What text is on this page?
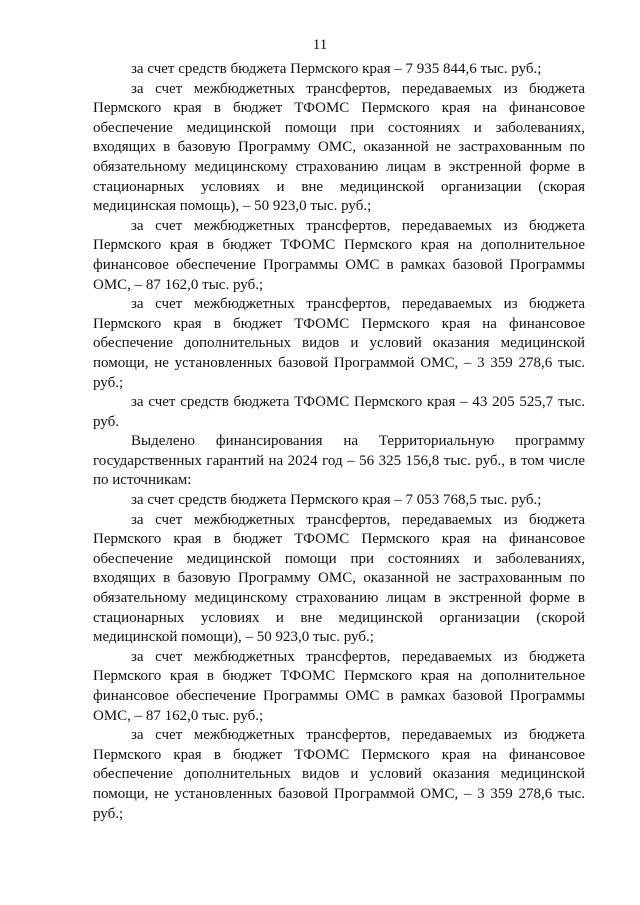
11

за счет средств бюджета Пермского края – 7 935 844,6 тыс. руб.;

за счет межбюджетных трансфертов, передаваемых из бюджета Пермского края в бюджет ТФОМС Пермского края на финансовое обеспечение медицинской помощи при состояниях и заболеваниях, входящих в базовую Программу ОМС, оказанной не застрахованным по обязательному медицинскому страхованию лицам в экстренной форме в стационарных условиях и вне медицинской организации (скорая медицинская помощь), – 50 923,0 тыс. руб.;

за счет межбюджетных трансфертов, передаваемых из бюджета Пермского края в бюджет ТФОМС Пермского края на дополнительное финансовое обеспечение Программы ОМС в рамках базовой Программы ОМС, – 87 162,0 тыс. руб.;

за счет межбюджетных трансфертов, передаваемых из бюджета Пермского края в бюджет ТФОМС Пермского края на финансовое обеспечение дополнительных видов и условий оказания медицинской помощи, не установленных базовой Программой ОМС, – 3 359 278,6 тыс. руб.;

за счет средств бюджета ТФОМС Пермского края – 43 205 525,7 тыс. руб.

Выделено финансирования на Территориальную программу государственных гарантий на 2024 год – 56 325 156,8 тыс. руб., в том числе по источникам:

за счет средств бюджета Пермского края – 7 053 768,5 тыс. руб.;

за счет межбюджетных трансфертов, передаваемых из бюджета Пермского края в бюджет ТФОМС Пермского края на финансовое обеспечение медицинской помощи при состояниях и заболеваниях, входящих в базовую Программу ОМС, оказанной не застрахованным по обязательному медицинскому страхованию лицам в экстренной форме в стационарных условиях и вне медицинской организации (скорой медицинской помощи), – 50 923,0 тыс. руб.;

за счет межбюджетных трансфертов, передаваемых из бюджета Пермского края в бюджет ТФОМС Пермского края на дополнительное финансовое обеспечение Программы ОМС в рамках базовой Программы ОМС, – 87 162,0 тыс. руб.;

за счет межбюджетных трансфертов, передаваемых из бюджета Пермского края в бюджет ТФОМС Пермского края на финансовое обеспечение дополнительных видов и условий оказания медицинской помощи, не установленных базовой Программой ОМС, – 3 359 278,6 тыс. руб.;
